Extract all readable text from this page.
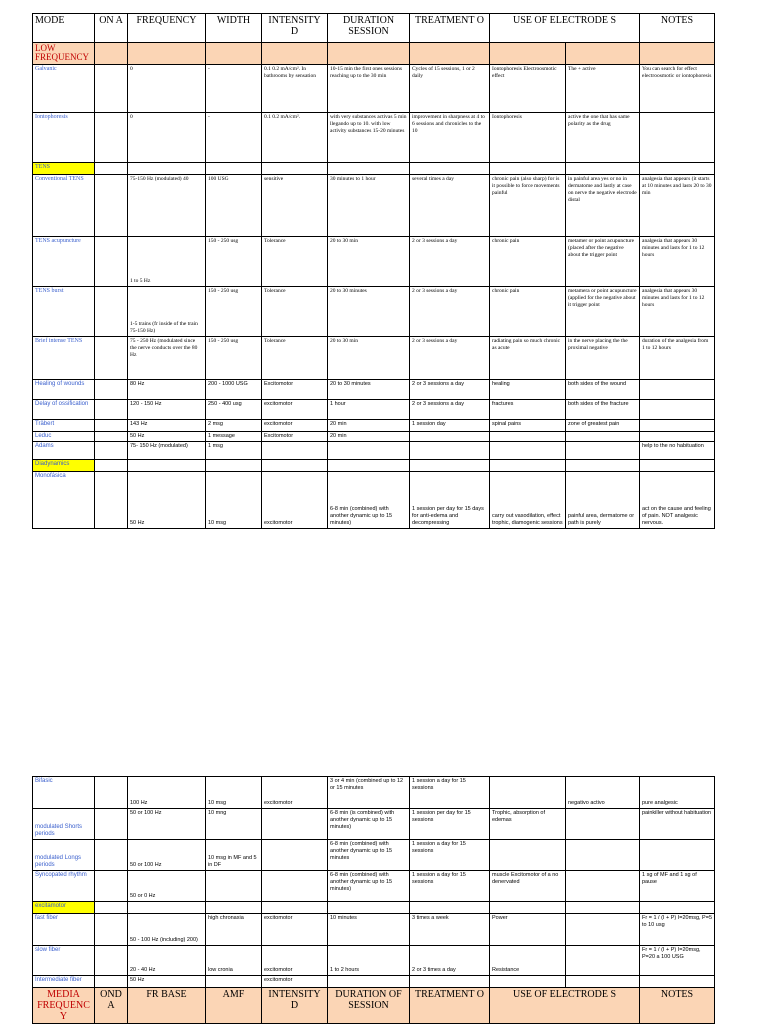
MODE	ON A	FREQUENCY	WIDTH	INTENSITY D	DURATION SESSION	TREATMENT O	USE OF ELECTRODE S		NOTES
LOW FREQUENCY									
Galvanic		0	-	0.1 0.2 mA/cm². In bathrooms by sensation	10-15 min the first ones sessions reaching up to the 30 min	Cycles of 15 sessions, 1 or 2 daily	Iontophoresis Electroosmotic effect	The + active	You can search for effect electroosmotic or iontophoresis
Iontophoresis		0	-	0.1 0.2 mA/cm².	with very substances activas 5 min llegando up to 10. with low activity substances 15-20 minutes	improvement in sharpness at 4 to 6 sessions and chronicles to the 10	Iontophoresis	active the one that has same polarity as the drug	
TENS									
Conventional TENS		75-150 Hz (modulated) 40	100 USG	sensitive	30 minutes to 1 hour	several times a day	chronic pain (also sharp) for is it possible to force movements painful	in painful area yes or no in dermatome and lastly at case on nerve the negative electrode distal	analgesia that appears (it starts at 10 minutes and lasts 20 to 30 min
TENS acupuncture		1 to 5 Hz	150 - 250 usg	Tolerance	20 to 30 min	2 or 3 sessions a day	chronic pain	metamer or point acupuncture (placed after the negative about the trigger point	analgesia that appears 30 minutes and lasts for 1 to 12 hours
TENS burst		1-5 trains (fr inside of the train 75-150 Hz)	150 - 250 usg	Tolerance	20 to 30 minutes	2 or 3 sessions a day	chronic pain	metamera or point acupuncture (applied for the negative about it trigger point	analgesia that appears 30 minutes and lasts for 1 to 12 hours
Brief intense TENS		75 - 250 Hz (modulated since the nerve conducts over the 80 Hz	150 - 250 usg	Tolerance	20 to 30 min	2 or 3 sessions a day	radiating pain so much chronic as acute	in the nerve placing the the proximal negative	duration of the analgesia from 1 to 12 hours
Healing of wounds		80 Hz	200 - 1000 USG	Excitomotor	20 to 30 minutes	2 or 3 sessions a day	healing	both sides of the wound	
Delay of ossification		120 - 150 Hz	250 - 400 usg	excitomotor	1 hour	2 or 3 sessions a day	fractures	both sides of the fracture	
Träbert		143 Hz	2 msg	excitomotor	20 min	1 session day	spinal pains	zone of greatest pain	
Leduc		50 Hz	1 message	Excitomotor	20 min				
Adams		75- 150 Hz (modulated)	1 msg						help to the no habituation
Diadynamics									
Monofásica		50 Hz	10 msg	excitomotor	6-8 min (combined) with another dynamic up to 15 minutes)	1 session per day for 15 days for anti-edema and decompressing	carry out vasodilation, effect trophic, diamogenic sessions	painful area, dermatome or path is purely	act on the cause and feeling of pain. NOT analgesic nervous.
Bifasic		100 Hz	10 msg	excitomotor	3 or 4 min (combined up to 12 or 15 minutes	1 session a day for 15 sessions		negativo activo	pure analgesic
modulated Shorts periods		50 or 100 Hz	10 mng		6-8 min (is combined) with another dynamic up to 15 minutes)	1 session per day for 15 sessions	Trophic, absorption of edemas		painkiller without habituation
modulated Longs periods		50 or 100 Hz	10 msg in MF and 5 in DF		6-8 min (combined) with another dynamic up to 15 minutes	1 session a day for 15 sessions			
Syncopated rhythm		50 or 0 Hz			6-8 min (combined) with another dynamic up to 15 minutes)	1 session a day for 15 sessions	muscle Excitomotor of a no denervated		1 sg of MF and 1 sg of pause
excitamotor									
fast fiber		50 - 100 Hz (including) 200)	high chronaxia	excitomotor	10 minutes	3 times a week	Power		Fr = 1 / (I + P) I=20msg, P=5 to 10 usg
slow fiber		20 - 40 Hz	low cronia	excitomotor	1 to 2 hours	2 or 3 times a day	Resistance		Fr = 1 / (I + P) I=20msg, P=20 a 100 USG
Intermediate fiber		50 Hz		excitomotor					
MEDIA FREQUENCY	OND A	FR BASE	AMF	INTENSITY D	DURATION OF SESSION	TREATMENT O	USE OF ELECTRODE S		NOTES
